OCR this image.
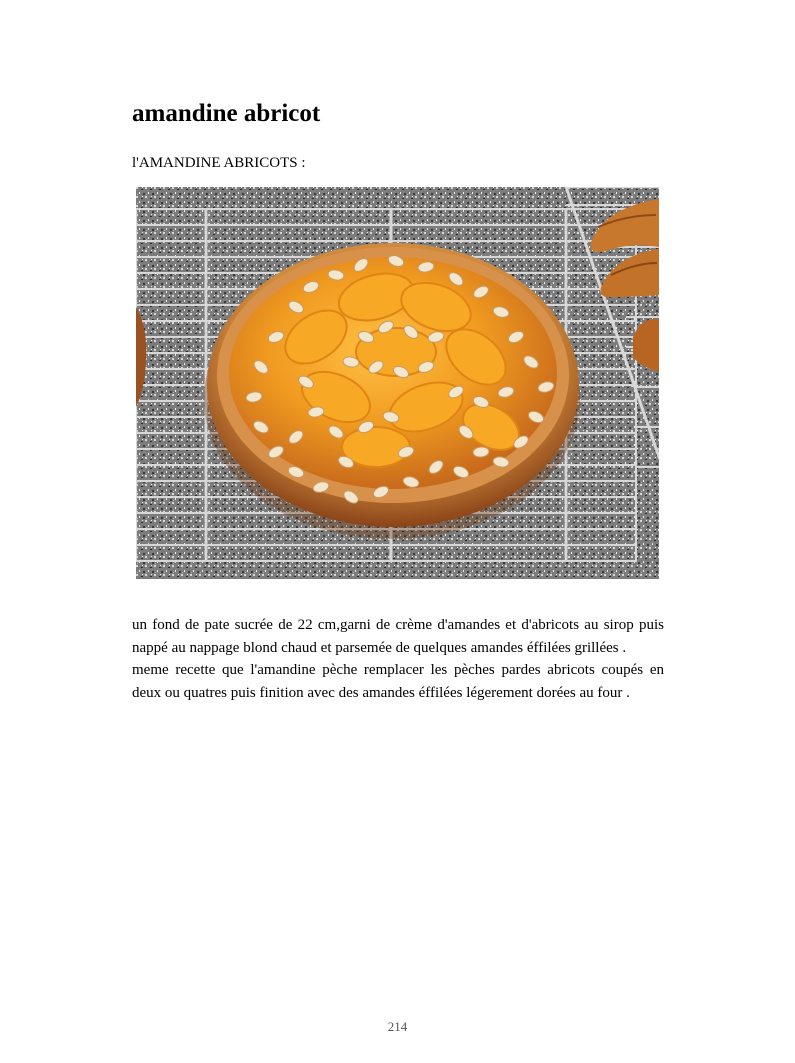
amandine abricot
l'AMANDINE ABRICOTS :

un fond de pate sucrée de 22 cm,garni de crème d'amandes et d'abricots au sirop puis nappé au nappage blond chaud et parsemée de quelques amandes éffilées grillées .

meme recette que l'amandine pèche remplacer les pèches pardes abricots coupés en deux ou quatres puis finition avec des amandes éffilées légerement dorées au four .

214
